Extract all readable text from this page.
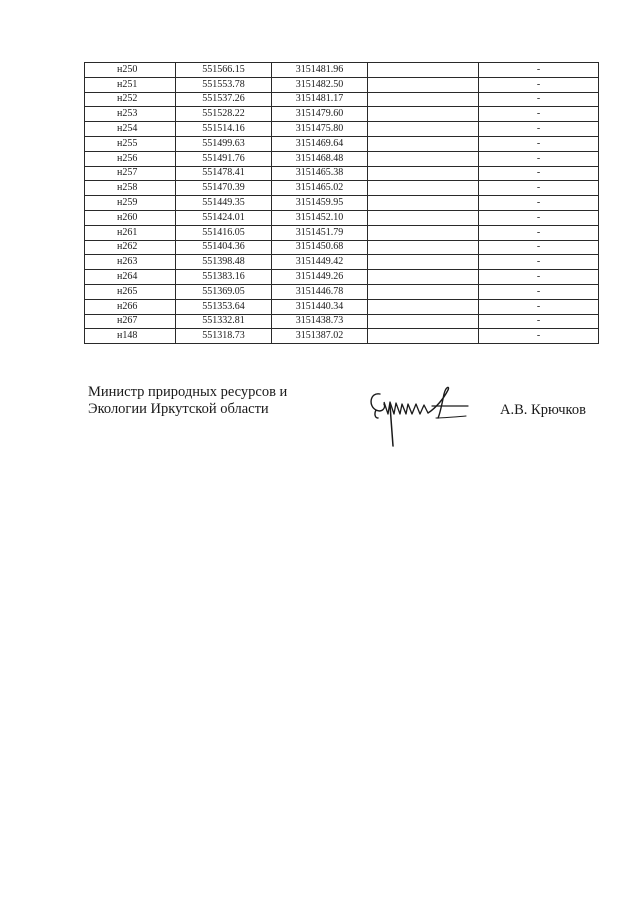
н250	551566.15	3151481.96		-
н251	551553.78	3151482.50		-
н252	551537.26	3151481.17		-
н253	551528.22	3151479.60		-
н254	551514.16	3151475.80		-
н255	551499.63	3151469.64		-
н256	551491.76	3151468.48		-
н257	551478.41	3151465.38		-
н258	551470.39	3151465.02		-
н259	551449.35	3151459.95		-
н260	551424.01	3151452.10		-
н261	551416.05	3151451.79		-
н262	551404.36	3151450.68		-
н263	551398.48	3151449.42		-
н264	551383.16	3151449.26		-
н265	551369.05	3151446.78		-
н266	551353.64	3151440.34		-
н267	551332.81	3151438.73		-
н148	551318.73	3151387.02		-
Министр природных ресурсов и
Экологии Иркутской области	А.В. Крючков
